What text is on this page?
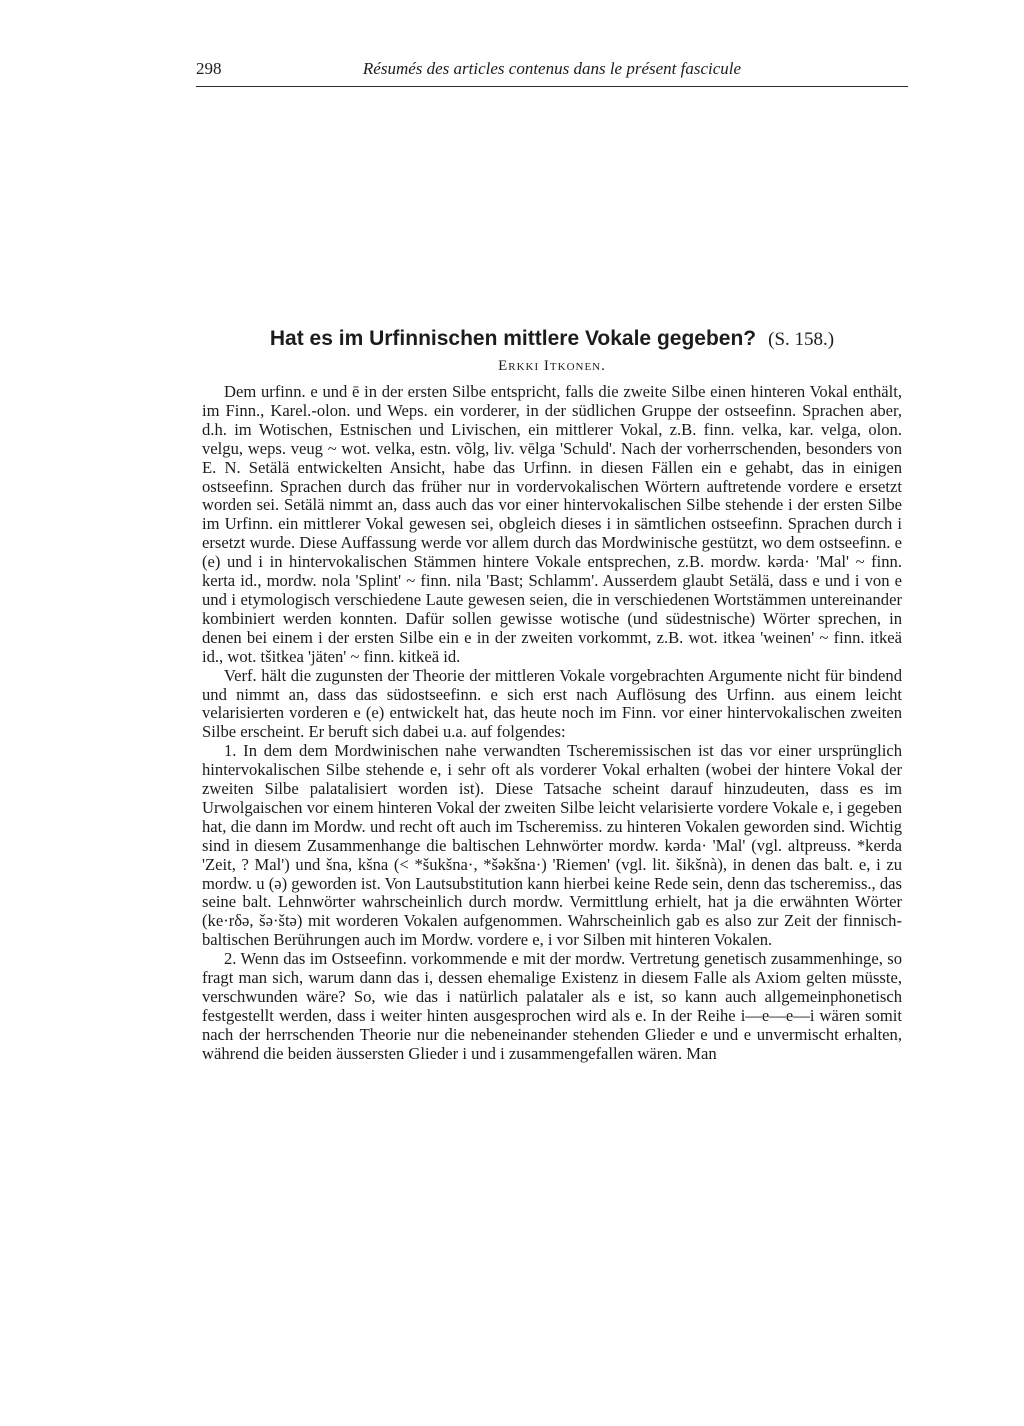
298	Résumés des articles contenus dans le présent fascicule
Hat es im Urfinnischen mittlere Vokale gegeben? (S. 158.)
Erkki Itkonen.

Dem urfinn. e und ē in der ersten Silbe entspricht, falls die zweite Silbe einen hinteren Vokal enthält, im Finn., Karel.-olon. und Weps. ein vorderer, in der südlichen Gruppe der ostseefinn. Sprachen aber, d.h. im Wotischen, Estnischen und Livischen, ein mittlerer Vokal, z.B. finn. velka, kar. velga, olon. velgu, weps. veug ~ wot. velka, estn. võlg, liv. vēlga 'Schuld'. Nach der vorherrschenden, besonders von E. N. Setälä entwickelten Ansicht, habe das Urfinn. in diesen Fällen ein e gehabt, das in einigen ostseefinn. Sprachen durch das früher nur in vordervokalischen Wörtern auftretende vordere e ersetzt worden sei. Setälä nimmt an, dass auch das vor einer hintervokalischen Silbe stehende i der ersten Silbe im Urfinn. ein mittlerer Vokal gewesen sei, obgleich dieses i in sämtlichen ostseefinn. Sprachen durch i ersetzt wurde. Diese Auffassung werde vor allem durch das Mordwinische gestützt, wo dem ostseefinn. e (e) und i in hintervokalischen Stämmen hintere Vokale entsprechen, z.B. mordw. kərda· 'Mal' ~ finn. kerta id., mordw. nola 'Splint' ~ finn. nila 'Bast; Schlamm'. Ausserdem glaubt Setälä, dass e und i von e und i etymologisch verschiedene Laute gewesen seien, die in verschiedenen Wortstämmen untereinander kombiniert werden konnten. Dafür sollen gewisse wotische (und südestnische) Wörter sprechen, in denen bei einem i der ersten Silbe ein e in der zweiten vorkommt, z.B. wot. itkea 'weinen' ~ finn. itkeä id., wot. tšitkea 'jäten' ~ finn. kitkeä id.

Verf. hält die zugunsten der Theorie der mittleren Vokale vorgebrachten Argumente nicht für bindend und nimmt an, dass das südostseefinn. e sich erst nach Auflösung des Urfinn. aus einem leicht velarisierten vorderen e (e) entwickelt hat, das heute noch im Finn. vor einer hintervokalischen zweiten Silbe erscheint. Er beruft sich dabei u.a. auf folgendes:

1. In dem dem Mordwinischen nahe verwandten Tscheremissischen ist das vor einer ursprünglich hintervokalischen Silbe stehende e, i sehr oft als vorderer Vokal erhalten (wobei der hintere Vokal der zweiten Silbe palatalisiert worden ist). Diese Tatsache scheint darauf hinzudeuten, dass es im Urwolgaischen vor einem hinteren Vokal der zweiten Silbe leicht velarisierte vordere Vokale e, i gegeben hat, die dann im Mordw. und recht oft auch im Tscheremiss. zu hinteren Vokalen geworden sind. Wichtig sind in diesem Zusammenhange die baltischen Lehnwörter mordw. kərda· 'Mal' (vgl. altpreuss. *kerda 'Zeit, ? Mal') und šna, kšna (< *šukšna·, *šəkšna·) 'Riemen' (vgl. lit. šikšnà), in denen das balt. e, i zu mordw. u (ə) geworden ist. Von Lautsubstitution kann hierbei keine Rede sein, denn das tscheremiss., das seine balt. Lehnwörter wahrscheinlich durch mordw. Vermittlung erhielt, hat ja die erwähnten Wörter (ke·rδə, šə·štə) mit worderen Vokalen aufgenommen. Wahrscheinlich gab es also zur Zeit der finnisch-baltischen Berührungen auch im Mordw. vordere e, i vor Silben mit hinteren Vokalen.

2. Wenn das im Ostseefinn. vorkommende e mit der mordw. Vertretung genetisch zusammenhinge, so fragt man sich, warum dann das i, dessen ehemalige Existenz in diesem Falle als Axiom gelten müsste, verschwunden wäre? So, wie das i natürlich palataler als e ist, so kann auch allgemeinphonetisch festgestellt werden, dass i weiter hinten ausgesprochen wird als e. In der Reihe i—e—e—i wären somit nach der herrschenden Theorie nur die nebeneinander stehenden Glieder e und e unvermischt erhalten, während die beiden äussersten Glieder i und i zusammengefallen wären. Man
